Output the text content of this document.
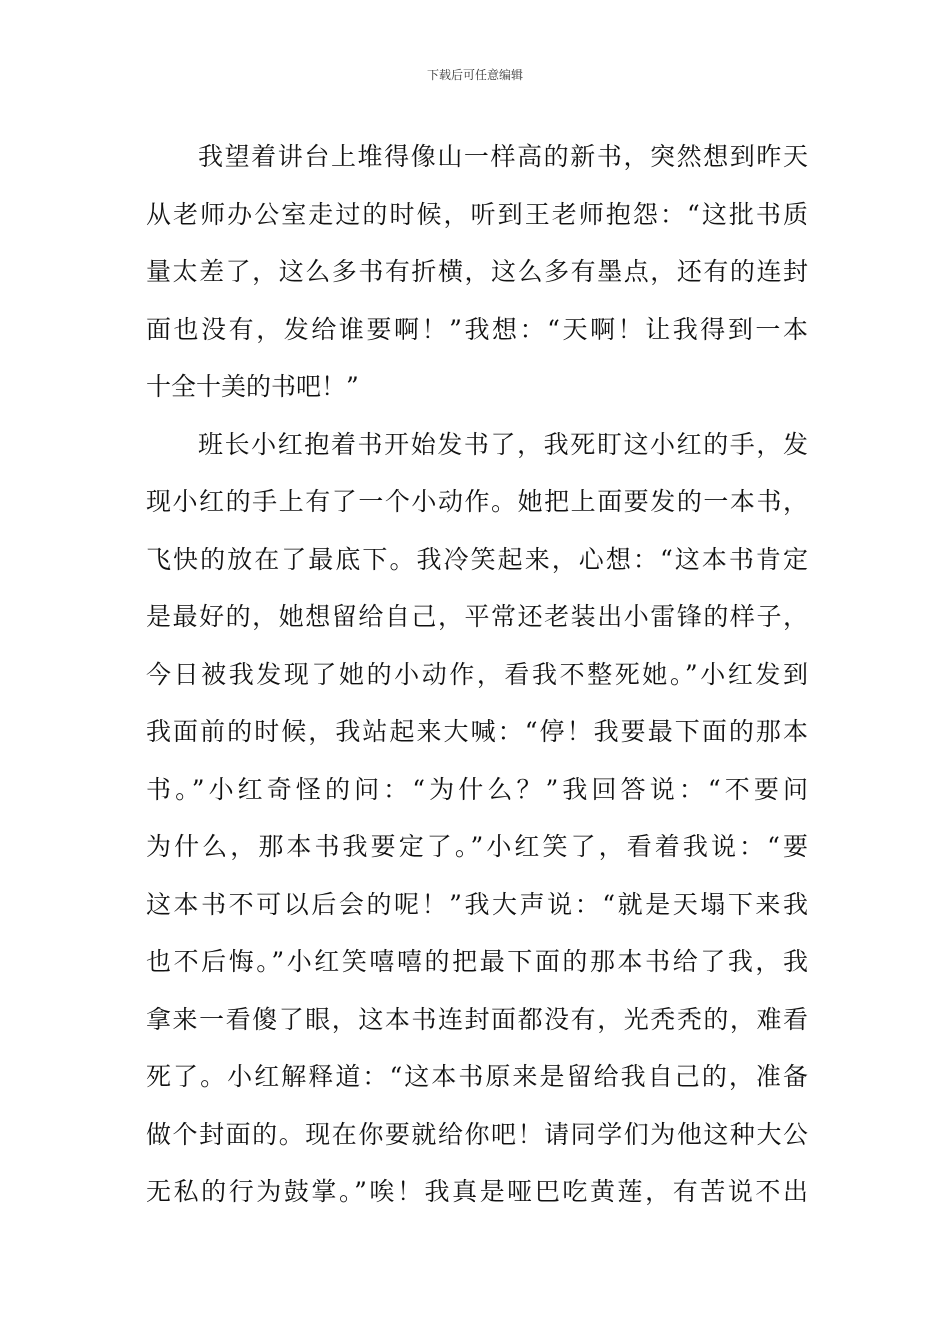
下载后可任意编辑
我望着讲台上堆得像山一样高的新书，突然想到昨天
从老师办公室走过的时候，听到王老师抱怨：“这批书质
量太差了，这么多书有折横，这么多有墨点，还有的连封
面也没有，发给谁要啊！”我想：“天啊！让我得到一本
十全十美的书吧！”
班长小红抱着书开始发书了，我死盯这小红的手，发
现小红的手上有了一个小动作。她把上面要发的一本书，
飞快的放在了最底下。我冷笑起来，心想：“这本书肯定
是最好的，她想留给自己，平常还老装出小雷锋的样子，
今日被我发现了她的小动作，看我不整死她。”小红发到
我面前的时候，我站起来大喊：“停！我要最下面的那本
书。”小红奇怪的问：“为什么？”我回答说：“不要问
为什么，那本书我要定了。”小红笑了，看着我说：“要
这本书不可以后会的呢！”我大声说：“就是天塌下来我
也不后悔。”小红笑嘻嘻的把最下面的那本书给了我，我
拿来一看傻了眼，这本书连封面都没有，光秃秃的，难看
死了。小红解释道：“这本书原来是留给我自己的，准备
做个封面的。现在你要就给你吧！请同学们为他这种大公
无私的行为鼓掌。”唉！我真是哑巴吃黄莲，有苦说不出
